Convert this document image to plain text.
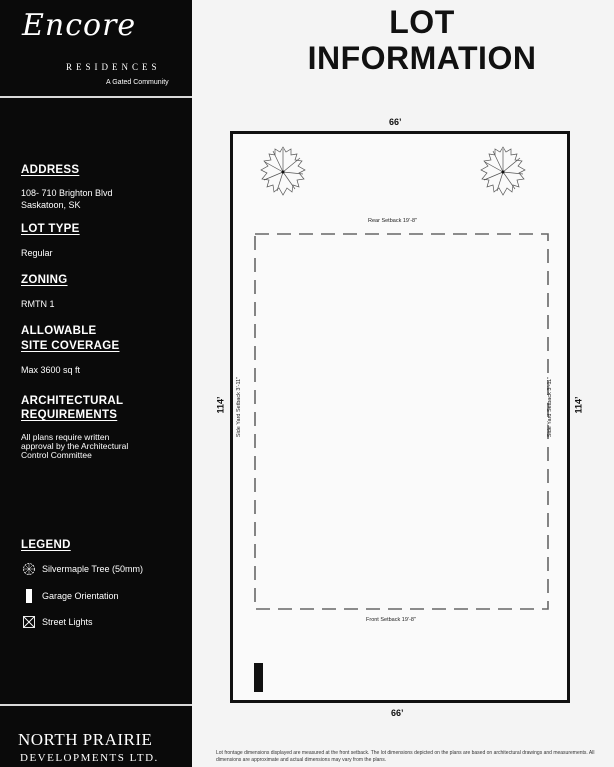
Encore
RESIDENCES
A Gated Community
ADDRESS
108- 710 Brighton Blvd
Saskatoon, SK
LOT TYPE
Regular
ZONING
RMTN 1
ALLOWABLE
SITE COVERAGE
Max 3600 sq ft
ARCHITECTURAL
REQUIREMENTS
All plans require written approval by the Architectural Control Committee
LEGEND
Silvermaple Tree (50mm)
Garage Orientation
Street Lights
NORTH PRAIRIE
DEVELOPMENTS LTD.
LOT
INFORMATION
66’
66’
114’	114’
Rear Setback 19’-8"
Side Yard Setback 3’-11"	Side Yard Setback 3’-11"
Front Setback 19’-8"
Lot frontage dimensions displayed are measured at the front setback. The lot dimensions depicted on the plans are based on architectural drawings and measurements. All dimensions are approximate and actual dimensions may vary from the plans.
